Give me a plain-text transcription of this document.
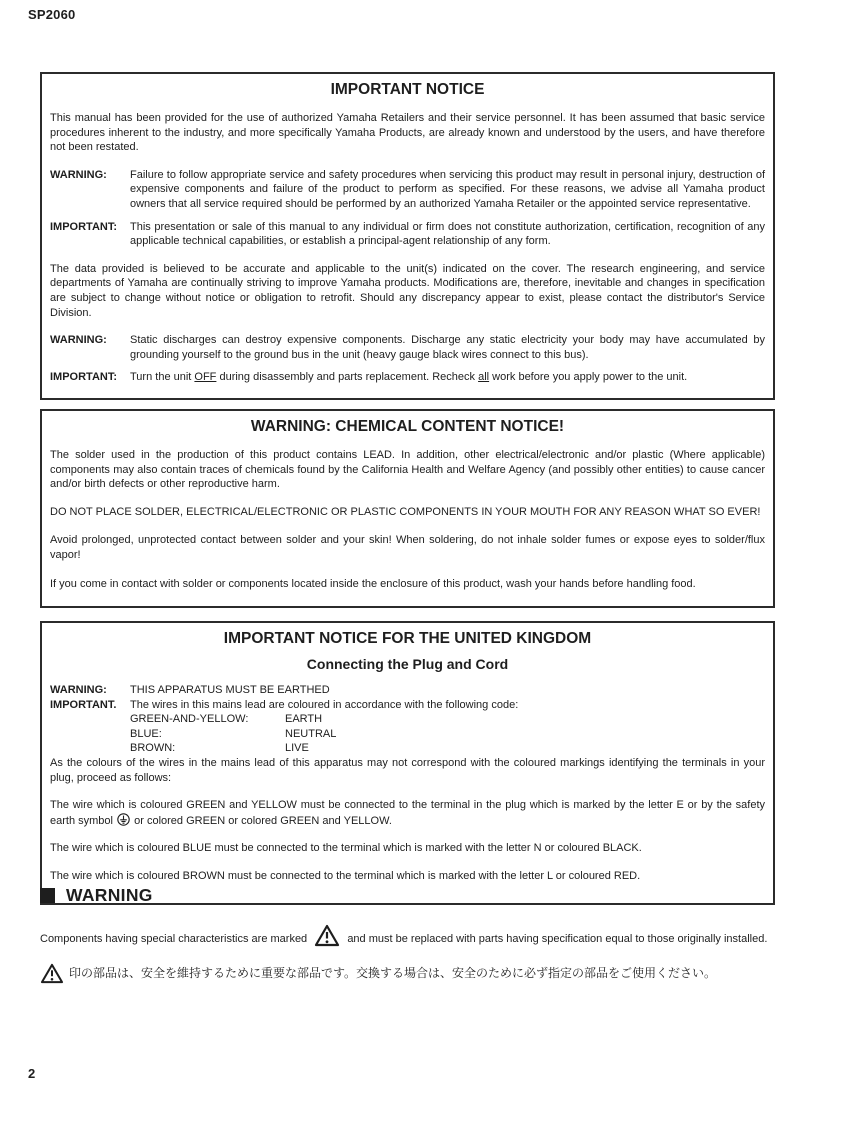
SP2060
IMPORTANT NOTICE

This manual has been provided for the use of authorized Yamaha Retailers and their service personnel. It has been assumed that basic service procedures inherent to the industry, and more specifically Yamaha Products, are already known and understood by the users, and have therefore not been restated.

WARNING:	Failure to follow appropriate service and safety procedures when servicing this product may result in personal injury, destruction of expensive components and failure of the product to perform as specified. For these reasons, we advise all Yamaha product owners that all service required should be performed by an authorized Yamaha Retailer or the appointed service representative.
IMPORTANT:	This presentation or sale of this manual to any individual or firm does not constitute authorization, certification, recognition of any applicable technical capabilities, or establish a principal-agent relationship of any form.

The data provided is believed to be accurate and applicable to the unit(s) indicated on the cover. The research engineering, and service departments of Yamaha are continually striving to improve Yamaha products. Modifications are, therefore, inevitable and changes in specification are subject to change without notice or obligation to retrofit. Should any discrepancy appear to exist, please contact the distributor's Service Division.

WARNING:	Static discharges can destroy expensive components. Discharge any static electricity your body may have accumulated by grounding yourself to the ground bus in the unit (heavy gauge black wires connect to this bus).
IMPORTANT:	Turn the unit OFF during disassembly and parts replacement. Recheck all work before you apply power to the unit.
WARNING: CHEMICAL CONTENT NOTICE!

The solder used in the production of this product contains LEAD. In addition, other electrical/electronic and/or plastic (Where applicable) components may also contain traces of chemicals found by the California Health and Welfare Agency (and possibly other entities) to cause cancer and/or birth defects or other reproductive harm.

DO NOT PLACE SOLDER, ELECTRICAL/ELECTRONIC OR PLASTIC COMPONENTS IN YOUR MOUTH FOR ANY REASON WHAT SO EVER!

Avoid prolonged, unprotected contact between solder and your skin! When soldering, do not inhale solder fumes or expose eyes to solder/flux vapor!

If you come in contact with solder or components located inside the enclosure of this product, wash your hands before handling food.

IMPORTANT NOTICE FOR THE UNITED KINGDOM
Connecting the Plug and Cord
WARNING:	THIS APPARATUS MUST BE EARTHED
IMPORTANT.	The wires in this mains lead are coloured in accordance with the following code:
GREEN-AND-YELLOW:	EARTH
BLUE:	NEUTRAL
BROWN:	LIVE

As the colours of the wires in the mains lead of this apparatus may not correspond with the coloured markings identifying the terminals in your plug, proceed as follows:

The wire which is coloured GREEN and YELLOW must be connected to the terminal in the plug which is marked by the letter E or by the safety earth symbol or colored GREEN or colored GREEN and YELLOW.

The wire which is coloured BLUE must be connected to the terminal which is marked with the letter N or coloured BLACK.

The wire which is coloured BROWN must be connected to the terminal which is marked with the letter L or coloured RED.

WARNING

Components having special characteristics are marked	and must be replaced with parts having specification equal to those originally installed.

印の部品は、安全を維持するために重要な部品です。交換する場合は、安全のために必ず指定の部品をご使用ください。
2
